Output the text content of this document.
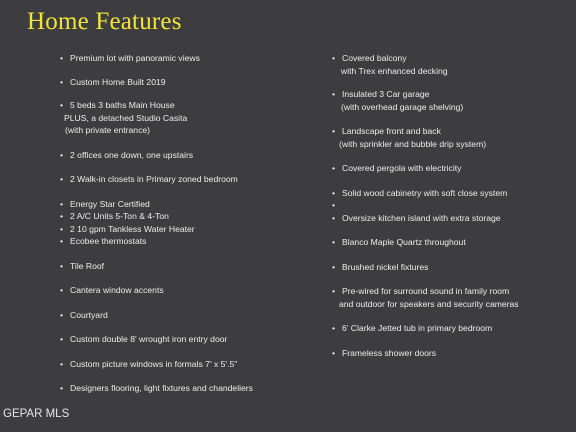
Home Features
• Premium lot with panoramic views
• Custom Home Built 2019
• 5 beds 3 baths Main House
PLUS, a detached Studio Casita
(with private entrance)
• 2 offices one down, one upstairs
• 2 Walk-in closets in Primary zoned bedroom
• Energy Star Certified
• 2 A/C Units 5-Ton & 4-Ton
• 2 10 gpm Tankless Water Heater
• Ecobee thermostats
• Tile Roof
• Cantera window accents
• Courtyard
• Custom double 8' wrought iron entry door
• Custom picture windows in formals 7' x 5'.5"
• Designers flooring, light fixtures and chandeliers
• Covered balcony
with Trex enhanced decking
• Insulated 3 Car garage
(with overhead garage shelving)
• Landscape front and back
(with sprinkler and bubble drip system)
• Covered pergola with electricity
• Solid wood cabinetry with soft close system
•

• Oversize kitchen island with extra storage
• Blanco Maple Quartz throughout
• Brushed nickel fixtures
• Pre-wired for surround sound in family room
and outdoor for speakers and security cameras
• 6' Clarke Jetted tub in primary bedroom
• Frameless shower doors
GEPAR MLS
